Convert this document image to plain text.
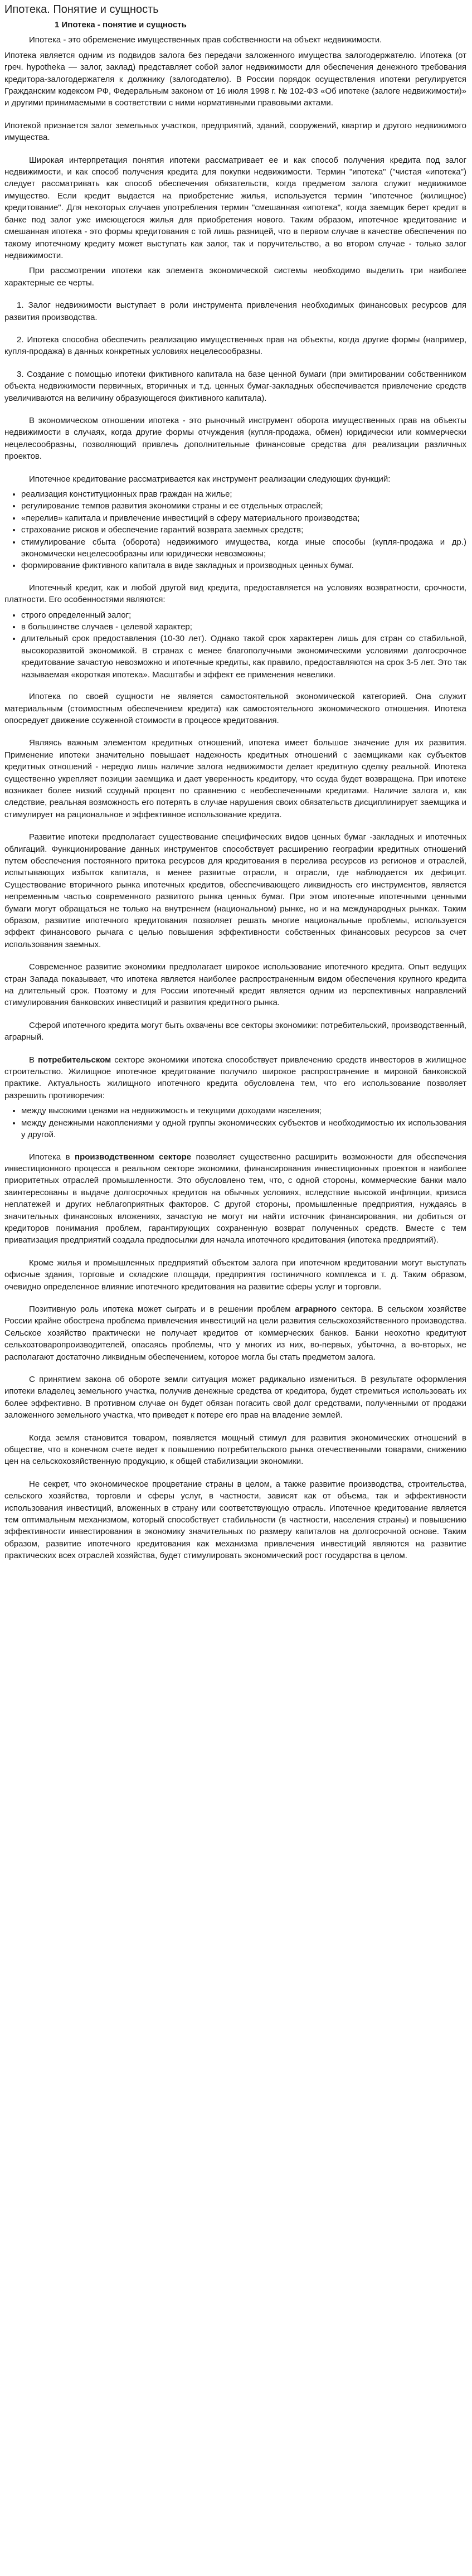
Ипотека. Понятие и сущность
1 Ипотека - понятие и сущность

Ипотека - это обременение имущественных прав собственности на объект недвижимости.

Ипотека является одним из подвидов залога без передачи заложенного имущества залогодержателю. Ипотека (от греч. hypotheka — залог, заклад) представляет собой залог недвижимости для обеспечения денежного требования кредитора-залогодержателя к должнику (залогодателю). В России порядок осуществления ипотеки регулируется Гражданским кодексом РФ, Федеральным законом от 16 июля 1998 г. № 102-ФЗ «Об ипотеке (залоге недвижимости)» и другими принимаемыми в соответствии с ними нормативными правовыми актами.

Ипотекой признается залог земельных участков, предприятий, зданий, сооружений, квартир и другого недвижимого имущества.

Широкая интерпретация понятия ипотеки рассматривает ее и как способ получения кредита под залог недвижимости, и как способ получения кредита для покупки недвижимости. Термин "ипотека" ("чистая «ипотека") следует рассматривать как способ обеспечения обязательств, когда предметом залога служит недвижимое имущество. Если кредит выдается на приобретение жилья, используется термин "ипотечное (жилищное) кредитование". Для некоторых случаев употребления термин "смешанная «ипотека", когда заемщик берет кредит в банке под залог уже имеющегося жилья для приобретения нового. Таким образом, ипотечное кредитование и смешанная ипотека - это формы кредитования с той лишь разницей, что в первом случае в качестве обеспечения по такому ипотечному кредиту может выступать как залог, так и поручительство, а во втором случае - только залог недвижимости.

При рассмотрении ипотеки как элемента экономической системы необходимо выделить три наиболее характерные ее черты.

1. Залог недвижимости выступает в роли инструмента привлечения необходимых финансовых ресурсов для развития производства.
2. Ипотека способна обеспечить реализацию имущественных прав на объекты, когда другие формы (например, купля-продажа) в данных конкретных условиях нецелесообразны.
3. Создание с помощью ипотеки фиктивного капитала на базе ценной бумаги (при эмитировании собственником объекта недвижимости первичных, вторичных и т.д. ценных бумаг-закладных обеспечивается привлечение средств увеличиваются на величину образующегося фиктивного капитала).

В экономическом отношении ипотека - это рыночный инструмент оборота имущественных прав на объекты недвижимости в случаях, когда другие формы отчуждения (купля-продажа, обмен) юридически или коммерчески нецелесообразны, позволяющий привлечь дополнительные финансовые средства для реализации различных проектов.

Ипотечное кредитование рассматривается как инструмент реализации следующих функций:

• реализация конституционных прав граждан на жилье;
• регулирование темпов развития экономики страны и ее отдельных отраслей;
• «перелив» капитала и привлечение инвестиций в сферу материального производства;
• страхование рисков и обеспечение гарантий возврата заемных средств;
• стимулирование сбыта (оборота) недвижимого имущества, когда иные способы (купля-продажа и др.) экономически нецелесообразны или юридически невозможны;
• формирование фиктивного капитала в виде закладных и производных ценных бумаг.

Ипотечный кредит, как и любой другой вид кредита, предоставляется на условиях возвратности, срочности, платности. Его особенностями являются:

• строго определенный залог;
• в большинстве случаев - целевой характер;
• длительный срок предоставления (10-30 лет). Однако такой срок характерен лишь для стран со стабильной, высокоразвитой экономикой. В странах с менее благополучными экономическими условиями долгосрочное кредитование зачастую невозможно и ипотечные кредиты, как правило, предоставляются на срок 3-5 лет. Это так называемая «короткая ипотека». Масштабы и эффект ее применения невелики.

Ипотека по своей сущности не является самостоятельной экономической категорией. Она служит материальным (стоимостным обеспечением кредита) как самостоятельного экономического отношения. Ипотека опосредует движение ссуженной стоимости в процессе кредитования.

Являясь важным элементом кредитных отношений, ипотека имеет большое значение для их развития. Применение ипотеки значительно повышает надежность кредитных отношений с заемщиками как субъектов кредитных отношений - нередко лишь наличие залога недвижимости делает кредитную сделку реальной. Ипотека существенно укрепляет позиции заемщика и дает уверенность кредитору, что ссуда будет возвращена. При ипотеке возникает более низкий ссудный процент по сравнению с необеспеченными кредитами. Наличие залога и, как следствие, реальная возможность его потерять в случае нарушения своих обязательств дисциплинирует заемщика и стимулирует на рациональное и эффективное использование кредита.

Развитие ипотеки предполагает существование специфических видов ценных бумаг -закладных и ипотечных облигаций. Функционирование данных инструментов способствует расширению географии кредитных отношений путем обеспечения постоянного притока ресурсов для кредитования в перелива ресурсов из регионов и отраслей, испытывающих избыток капитала, в менее развитые отрасли, в отрасли, где наблюдается их дефицит. Существование вторичного рынка ипотечных кредитов, обеспечивающего ликвидность его инструментов, является непременным частью современного развитого рынка ценных бумаг. При этом ипотечные ипотечными ценными бумаги могут обращаться не только на внутреннем (национальном) рынке, но и на международных рынках. Таким образом, развитие ипотечного кредитования позволяет решать многие национальные проблемы, используется эффект финансового рычага с целью повышения эффективности собственных финансовых ресурсов за счет использования заемных.

Современное развитие экономики предполагает широкое использование ипотечного кредита. Опыт ведущих стран Запада показывает, что ипотека является наиболее распространенным видом обеспечения крупного кредита на длительный срок. Поэтому и для России ипотечный кредит является одним из перспективных направлений стимулирования банковских инвестиций и развития кредитного рынка.

Сферой ипотечного кредита могут быть охвачены все секторы экономики: потребительский, производственный, аграрный.

В потребительском секторе экономики ипотека способствует привлечению средств инвесторов в жилищное строительство. Жилищное ипотечное кредитование получило широкое распространение в мировой банковской практике. Актуальность жилищного ипотечного кредита обусловлена тем, что его использование позволяет разрешить противоречия:

• между высокими ценами на недвижимость и текущими доходами населения;
• между денежными накоплениями у одной группы экономических субъектов и необходимостью их использования у другой.

Ипотека в производственном секторе позволяет существенно расширить возможности для обеспечения инвестиционного процесса в реальном секторе экономики, финансирования инвестиционных проектов в наиболее приоритетных отраслей промышленности. Это обусловлено тем, что, с одной стороны, коммерческие банки мало заинтересованы в выдаче долгосрочных кредитов на обычных условиях, вследствие высокой инфляции, кризиса неплатежей и других неблагоприятных факторов. С другой стороны, промышленные предприятия, нуждаясь в значительных финансовых вложениях, зачастую не могут ни найти источник финансирования, ни добиться от кредиторов понимания проблем, гарантирующих сохраненную возврат полученных средств. Вместе с тем приватизация предприятий создала предпосылки для начала ипотечного кредитования (ипотека предприятий).

Кроме жилья и промышленных предприятий объектом залога при ипотечном кредитовании могут выступать офисные здания, торговые и складские площади, предприятия гостиничного комплекса и т. д. Таким образом, очевидно определенное влияние ипотечного кредитования на развитие сферы услуг и торговли.

Позитивную роль ипотека может сыграть и в решении проблем аграрного сектора. В сельском хозяйстве России крайне обострена проблема привлечения инвестиций на цели развития сельскохозяйственного производства. Сельское хозяйство практически не получает кредитов от коммерческих банков. Банки неохотно кредитуют сельхозтоваропроизводителей, опасаясь проблемы, что у многих из них, во-первых, убыточна, а во-вторых, не располагают достаточно ликвидным обеспечением, которое могла бы стать предметом залога.

С принятием закона об обороте земли ситуация может радикально измениться. В результате оформления ипотеки владелец земельного участка, получив денежные средства от кредитора, будет стремиться использовать их более эффективно. В противном случае он будет обязан погасить свой долг средствами, полученными от продажи заложенного земельного участка, что приведет к потере его прав на владение землей.

Когда земля становится товаром, появляется мощный стимул для развития экономических отношений в обществе, что в конечном счете ведет к повышению потребительского рынка отечественными товарами, снижению цен на сельскохозяйственную продукцию, к общей стабилизации экономики.

Не секрет, что экономическое процветание страны в целом, а также развитие производства, строительства, сельского хозяйства, торговли и сферы услуг, в частности, зависят как от объема, так и эффективности использования инвестиций, вложенных в страну или соответствующую отрасль. Ипотечное кредитование является тем оптимальным механизмом, который способствует стабильности (в частности, населения страны) и повышению эффективности инвестирования в экономику значительных по размеру капиталов на долгосрочной основе. Таким образом, развитие ипотечного кредитования как механизма привлечения инвестиций являются на развитие практических всех отраслей хозяйства, будет стимулировать экономический рост государства в целом.
